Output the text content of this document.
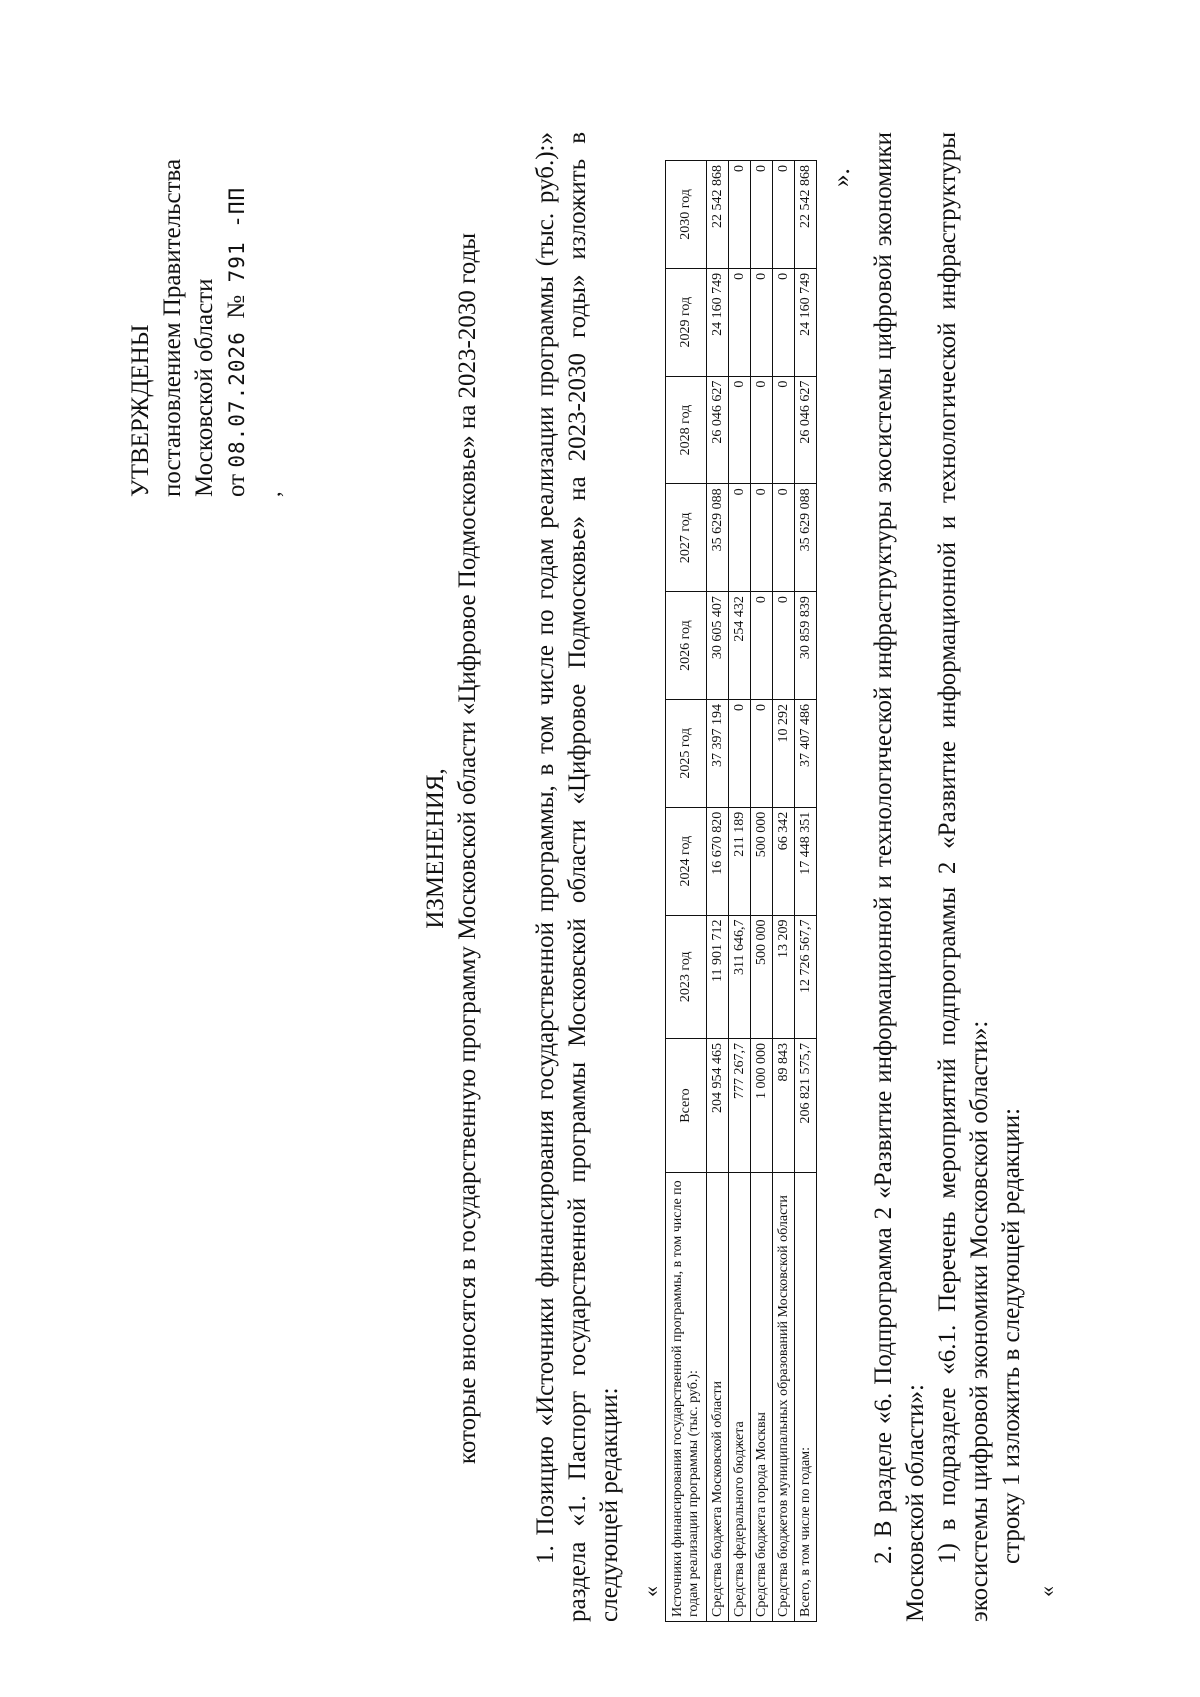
УТВЕРЖДЕНЫ постановлением Правительства Московской области от 08.07.2026  №  791 -ПП
,
ИЗМЕНЕНИЯ, которые вносятся в государственную программу Московской области «Цифровое Подмосковье» на 2023-2030 годы 1. Позицию «Источники финансирования государственной программы, в том числе по годам реализации программы (тыс. руб.):» раздела «1. Паспорт государственной программы Московской области «Цифровое Подмосковье» на 2023-2030 годы» изложить в следующей редакции: « Источники финансирования государственной программы, в том числе по годам реализации программы (тыс. руб.):	Всего	2023 год	2024 год	2025 год	2026 год	2027 год	2028 год	2029 год	2030 год
Средства бюджета Московской области	204 954 465	11 901 712	16 670 820	37 397 194	30 605 407	35 629 088	26 046 627	24 160 749	22 542 868
Средства федерального бюджета	777 267,7	311 646,7	211 189	0	254 432	0	0	0	0
Средства бюджета города Москвы	1 000 000	500 000	500 000	0	0	0	0	0	0
Средства бюджетов муниципальных образований Московской области	89 843	13 209	66 342	10 292	0	0	0	0	0
Всего, в том числе по годам:	206 821 575,7	12 726 567,7	17 448 351	37 407 486	30 859 839	35 629 088	26 046 627	24 160 749	22 542 868 ». 2. В разделе «6. Подпрограмма 2 «Развитие информационной и технологической инфраструктуры экосистемы цифровой экономики Московской области»: 1) в подразделе «6.1. Перечень мероприятий подпрограммы 2 «Развитие информационной и технологической инфраструктуры экосистемы цифровой экономики Московской области»: строку 1 изложить в следующей редакции:

«
